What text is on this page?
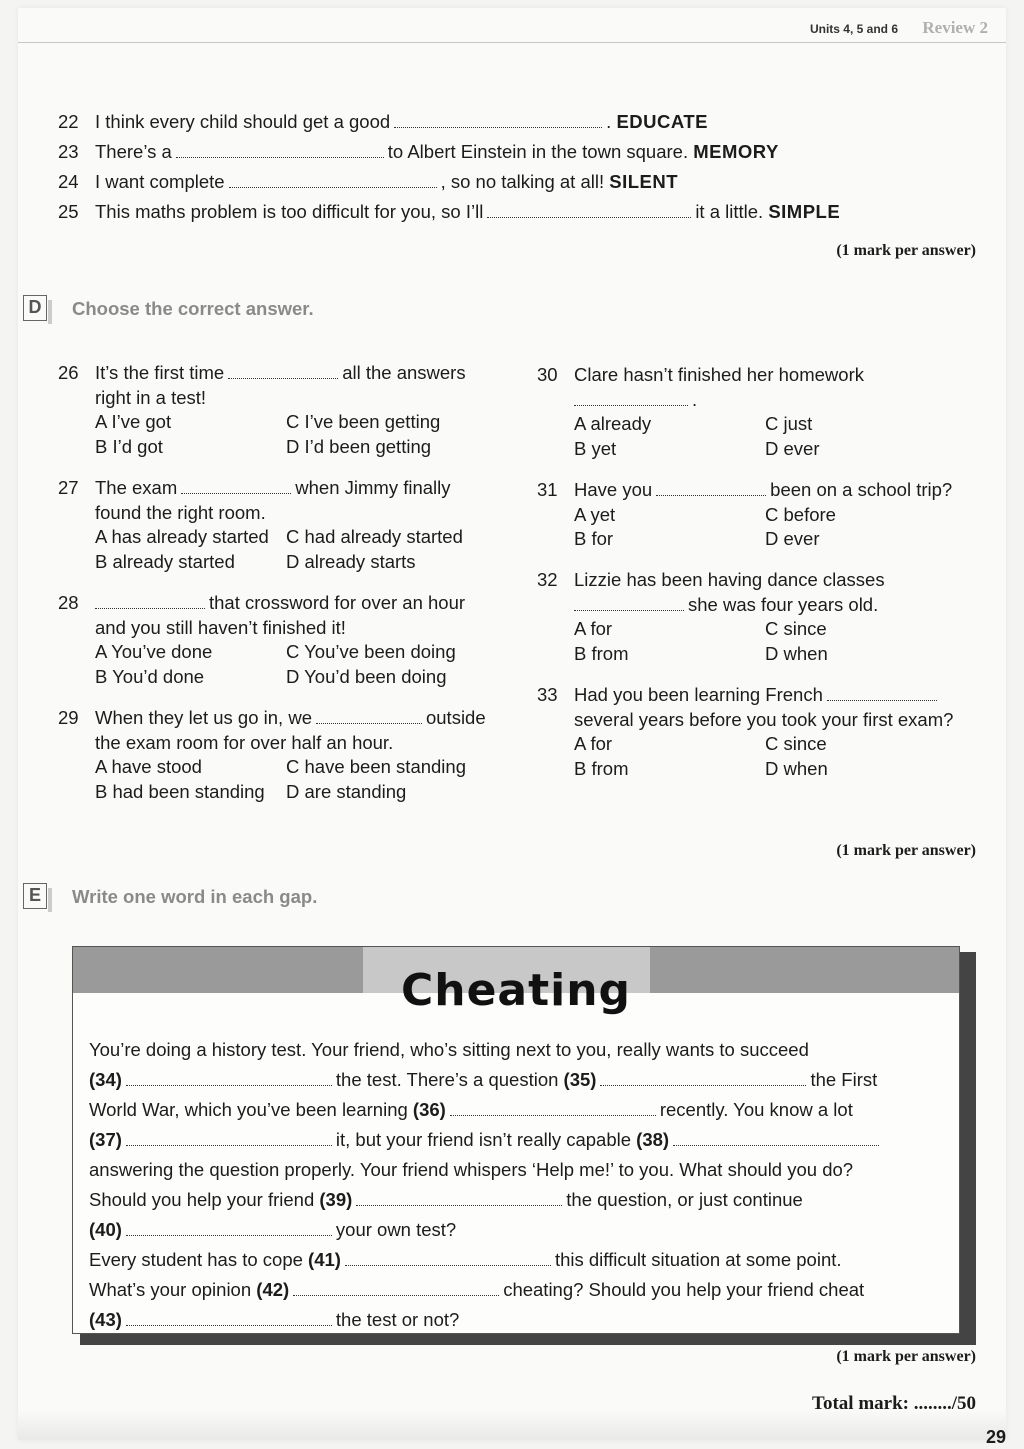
Units 4, 5 and 6 Review 2
22 I think every child should get a good	. EDUCATE
23 There’s a	to Albert Einstein in the town square. MEMORY
24 I want complete	, so no talking at all! SILENT
25 This maths problem is too difficult for you, so I’ll	it a little. SIMPLE
(1 mark per answer)
D Choose the correct answer.
26 It’s the first time	all the answers
right in a test!
A I’ve got	C I’ve been getting
B I’d got	D I’d been getting
27 The exam	when Jimmy finally
found the right room.
A has already started C had already started
B already started	D already starts
28	that crossword for over an hour
and you still haven’t finished it!
A You’ve done	C You’ve been doing
B You’d done	D You’d been doing
29 When they let us go in, we	outside
the exam room for over half an hour.
A have stood	C have been standing
B had been standing	D are standing
30 Clare hasn’t finished her homework
.
A already	C just
B yet	D ever
31 Have you	been on a school trip?
A yet	C before
B for	D ever
32 Lizzie has been having dance classes
she was four years old.
A for	C since
B from	D when
33 Had you been learning French
several years before you took your first exam?
A for	C since
B from	D when
(1 mark per answer)
E	Write one word in each gap.
Cheating
You’re doing a history test. Your friend, who’s sitting next to you, really wants to succeed
(34)	the test. There’s a question (35)	the First
World War, which you’ve been learning (36)	recently. You know a lot
(37)	it, but your friend isn’t really capable (38)
answering the question properly. Your friend whispers ‘Help me!’ to you. What should you do?
Should you help your friend (39)	the question, or just continue
(40)	your own test?
Every student has to cope (41)	this difficult situation at some point.
What’s your opinion (42)	cheating? Should you help your friend cheat
(43)	the test or not?
(1 mark per answer)
Total mark: ......../50
29
